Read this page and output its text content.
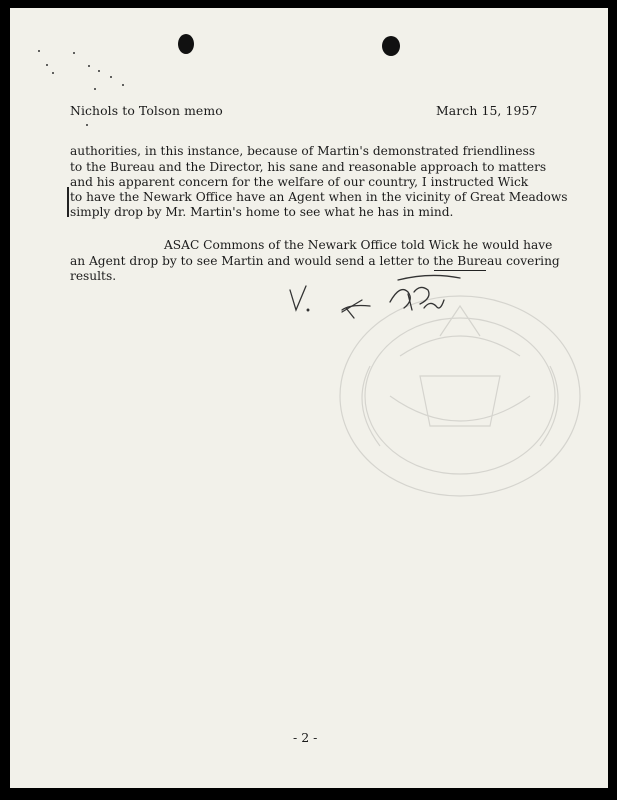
Nichols to Tolson memo	March 15, 1957
authorities, in this instance, because of Martin's demonstrated friendliness
to the Bureau and the Director, his sane and reasonable approach to matters
and his apparent concern for the welfare of our country, I instructed Wick
to have the Newark Office have an Agent when in the vicinity of Great Meadows
simply drop by Mr. Martin's home to see what he has in mind.
ASAC Commons of the Newark Office told Wick he would have
an Agent drop by to see Martin and would send a letter to the Bureau covering
results.
- 2 -
